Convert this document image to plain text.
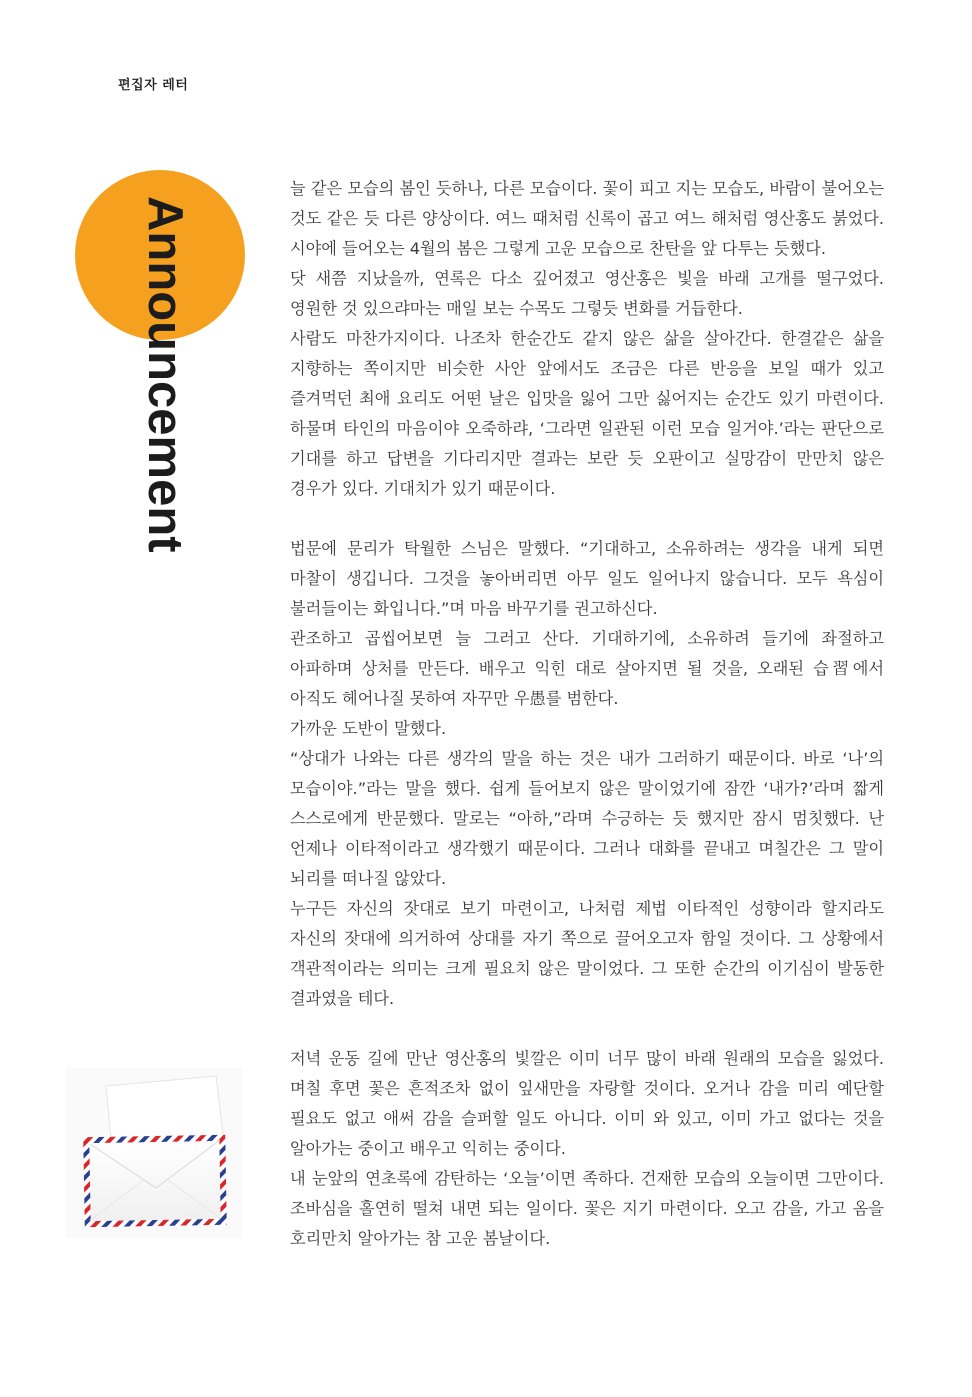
편집자 레터
Announcement

늘 같은 모습의 봄인 듯하나, 다른 모습이다. 꽃이 피고 지는 모습도, 바람이 불어오는 것도 같은 듯 다른 양상이다. 여느 때처럼 신록이 곱고 여느 해처럼 영산홍도 붉었다. 시야에 들어오는 4월의 봄은 그렇게 고운 모습으로 찬탄을 앞 다투는 듯했다.

닷 새쯤 지났을까, 연록은 다소 깊어졌고 영산홍은 빛을 바래 고개를 떨구었다. 영원한 것 있으랴마는 매일 보는 수목도 그렇듯 변화를 거듭한다.

사람도 마찬가지이다. 나조차 한순간도 같지 않은 삶을 살아간다. 한결같은 삶을 지향하는 쪽이지만 비슷한 사안 앞에서도 조금은 다른 반응을 보일 때가 있고 즐겨먹던 최애 요리도 어떤 날은 입맛을 잃어 그만 싫어지는 순간도 있기 마련이다. 하물며 타인의 마음이야 오죽하랴, ‘그라면 일관된 이런 모습 일거야.’라는 판단으로 기대를 하고 답변을 기다리지만 결과는 보란 듯 오판이고 실망감이 만만치 않은 경우가 있다. 기대치가 있기 때문이다.

법문에 문리가 탁월한 스님은 말했다. “기대하고, 소유하려는 생각을 내게 되면 마찰이 생깁니다. 그것을 놓아버리면 아무 일도 일어나지 않습니다. 모두 욕심이 불러들이는 화입니다.”며 마음 바꾸기를 권고하신다.

관조하고 곱씹어보면 늘 그러고 산다. 기대하기에, 소유하려 들기에 좌절하고 아파하며 상처를 만든다. 배우고 익힌 대로 살아지면 될 것을, 오래된 습習에서 아직도 헤어나질 못하여 자꾸만 우愚를 범한다.

가까운 도반이 말했다.

“상대가 나와는 다른 생각의 말을 하는 것은 내가 그러하기 때문이다. 바로 ‘나’의 모습이야.”라는 말을 했다. 쉽게 들어보지 않은 말이었기에 잠깐 ‘내가?’라며 짧게 스스로에게 반문했다. 말로는 “아하,”라며 수긍하는 듯 했지만 잠시 멈칫했다. 난 언제나 이타적이라고 생각했기 때문이다. 그러나 대화를 끝내고 며칠간은 그 말이 뇌리를 떠나질 않았다.

누구든 자신의 잣대로 보기 마련이고, 나처럼 제법 이타적인 성향이라 할지라도 자신의 잣대에 의거하여 상대를 자기 쪽으로 끌어오고자 함일 것이다. 그 상황에서 객관적이라는 의미는 크게 필요치 않은 말이었다. 그 또한 순간의 이기심이 발동한 결과였을 테다.

저녁 운동 길에 만난 영산홍의 빛깔은 이미 너무 많이 바래 원래의 모습을 잃었다. 며칠 후면 꽃은 흔적조차 없이 잎새만을 자랑할 것이다. 오거나 감을 미리 예단할 필요도 없고 애써 감을 슬퍼할 일도 아니다. 이미 와 있고, 이미 가고 없다는 것을 알아가는 중이고 배우고 익히는 중이다.

내 눈앞의 연초록에 감탄하는 ‘오늘’이면 족하다. 건재한 모습의 오늘이면 그만이다. 조바심을 홀연히 떨쳐 내면 되는 일이다. 꽃은 지기 마련이다. 오고 감을, 가고 옴을 호리만치 알아가는 참 고운 봄날이다.
